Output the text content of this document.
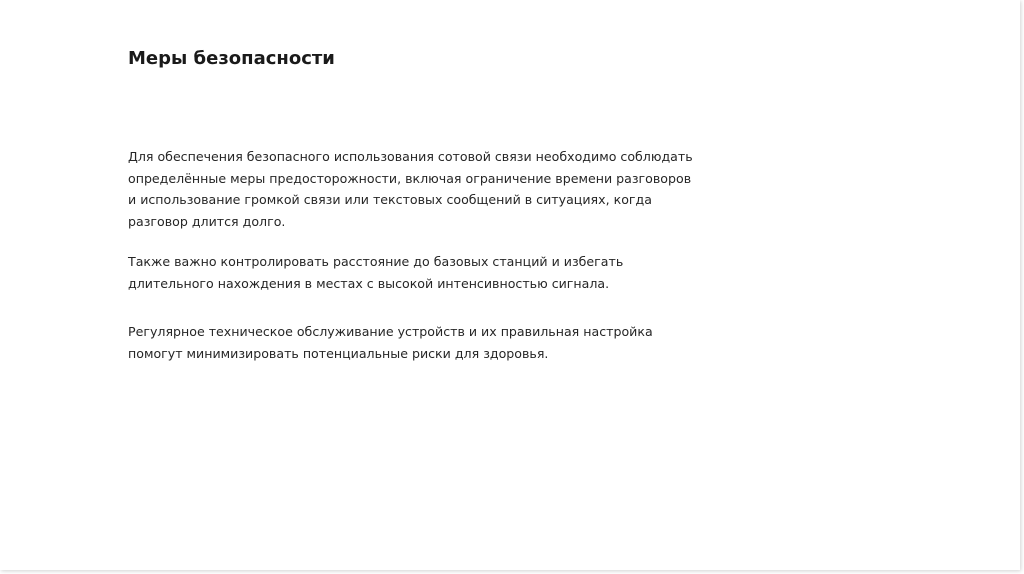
Меры безопасности

Для обеспечения безопасного использования сотовой связи необходимо соблюдать
определённые меры предосторожности, включая ограничение времени разговоров
и использование громкой связи или текстовых сообщений в ситуациях, когда
разговор длится долго.

Также важно контролировать расстояние до базовых станций и избегать
длительного нахождения в местах с высокой интенсивностью сигнала.

Регулярное техническое обслуживание устройств и их правильная настройка
помогут минимизировать потенциальные риски для здоровья.
